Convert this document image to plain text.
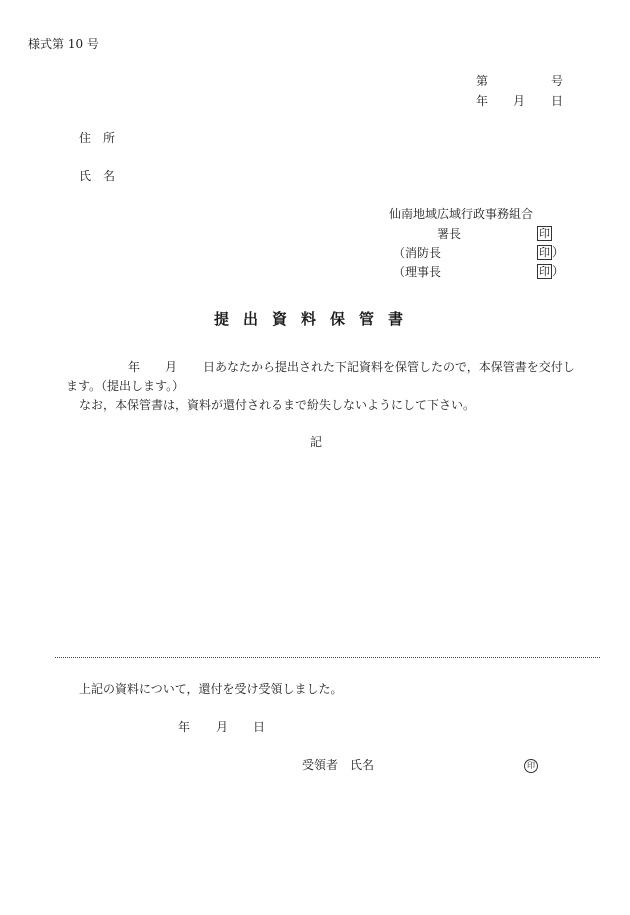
様式第 10 号
第	号
年 月 日
住　所
氏　名
仙南地域広域行政事務組合
署長	印
（消防長	印 ）
（理事長	印 ）
提出資料保管書
年 月 日あなたから提出された下記資料を保管したので，本保管書を交付し
ます。（提出します。）
なお，本保管書は，資料が還付されるまで紛失しないようにして下さい。
記
上記の資料について，還付を受け受領しました。
年 月 日
受領者　氏名	印
